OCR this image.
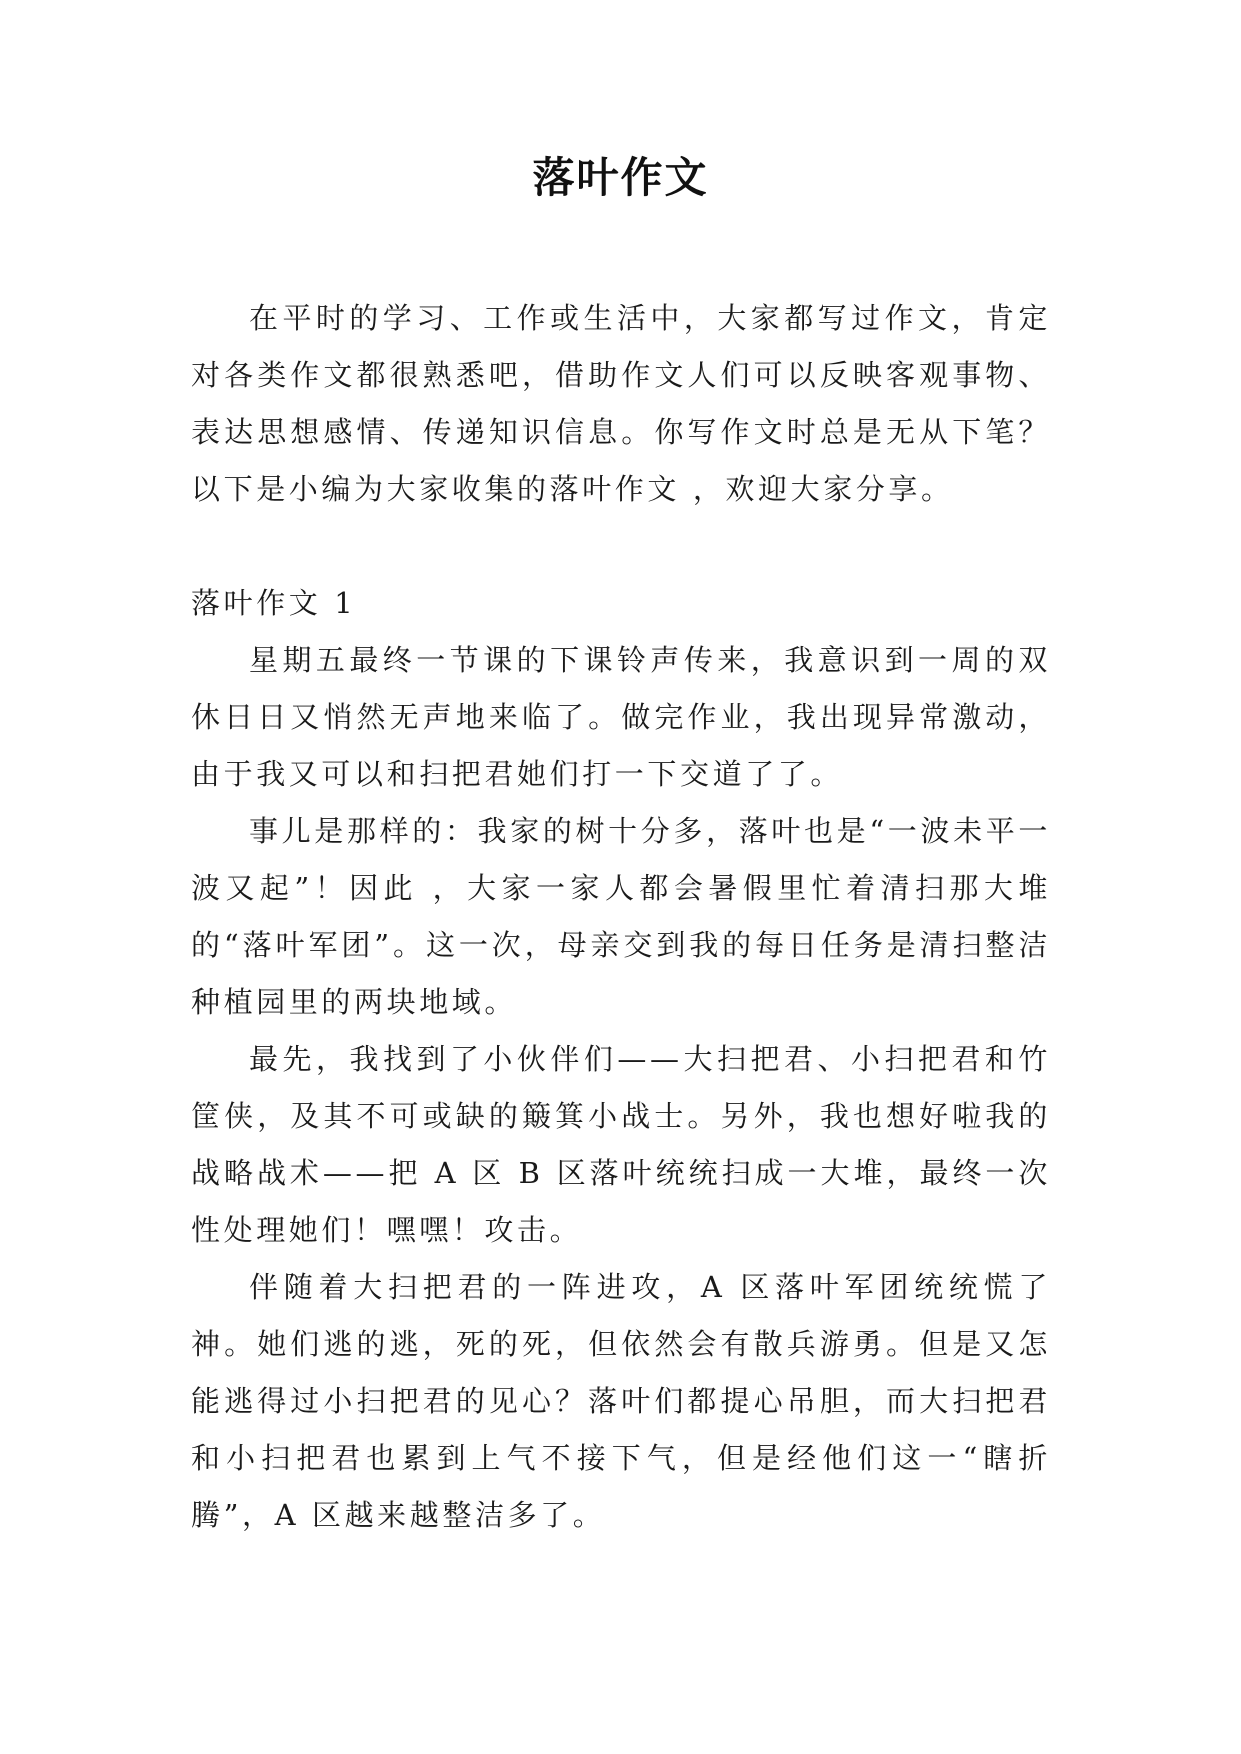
落叶作文

在平时的学习、工作或生活中，大家都写过作文，肯定对各类作文都很熟悉吧，借助作文人们可以反映客观事物、表达思想感情、传递知识信息。你写作文时总是无从下笔？以下是小编为大家收集的落叶作文 ，欢迎大家分享。

落叶作文 1

星期五最终一节课的下课铃声传来，我意识到一周的双休日日又悄然无声地来临了。做完作业，我出现异常激动，由于我又可以和扫把君她们打一下交道了了。

事儿是那样的：我家的树十分多，落叶也是“一波未平一波又起”！因此 ，大家一家人都会暑假里忙着清扫那大堆的“落叶军团”。这一次，母亲交到我的每日任务是清扫整洁种植园里的两块地域。

最先，我找到了小伙伴们——大扫把君、小扫把君和竹筐侠，及其不可或缺的簸箕小战士。另外，我也想好啦我的战略战术——把 A 区 B 区落叶统统扫成一大堆，最终一次性处理她们！嘿嘿！攻击。

伴随着大扫把君的一阵进攻，A 区落叶军团统统慌了神。她们逃的逃，死的死，但依然会有散兵游勇。但是又怎能逃得过小扫把君的见心？落叶们都提心吊胆，而大扫把君和小扫把君也累到上气不接下气，但是经他们这一“瞎折腾”，A 区越来越整洁多了。
